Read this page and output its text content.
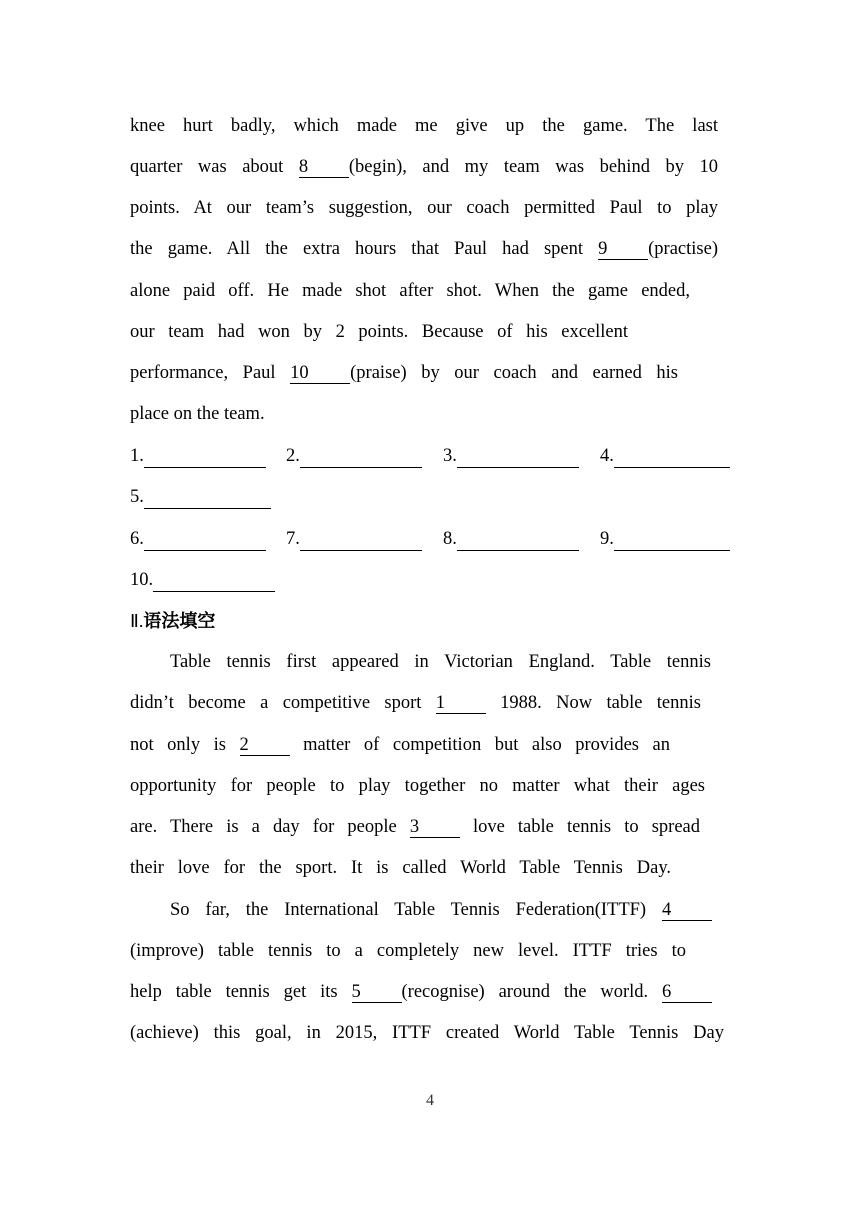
knee hurt badly, which made me give up the game. The last
quarter was about 8 (begin), and my team was behind by 10
points. At our team’s suggestion, our coach permitted Paul to play
the game. All the extra hours that Paul had spent 9 (practise)
alone paid off. He made shot after shot. When the game ended,
our team had won by 2 points. Because of his excellent
performance, Paul 10 (praise) by our coach and earned his
place on the team.
1.	2.	3.	4.
5.
6.	7.	8.	9.
10.
Ⅱ.语法填空
Table tennis first appeared in Victorian England. Table tennis
didn’t become a competitive sport 1 1988. Now table tennis
not only is 2 matter of competition but also provides an
opportunity for people to play together no matter what their ages
are. There is a day for people 3 love table tennis to spread
their love for the sport. It is called World Table Tennis Day.
So far, the International Table Tennis Federation(ITTF) 4
(improve) table tennis to a completely new level. ITTF tries to
help table tennis get its 5 (recognise) around the world. 6
(achieve) this goal, in 2015, ITTF created World Table Tennis Day
4
